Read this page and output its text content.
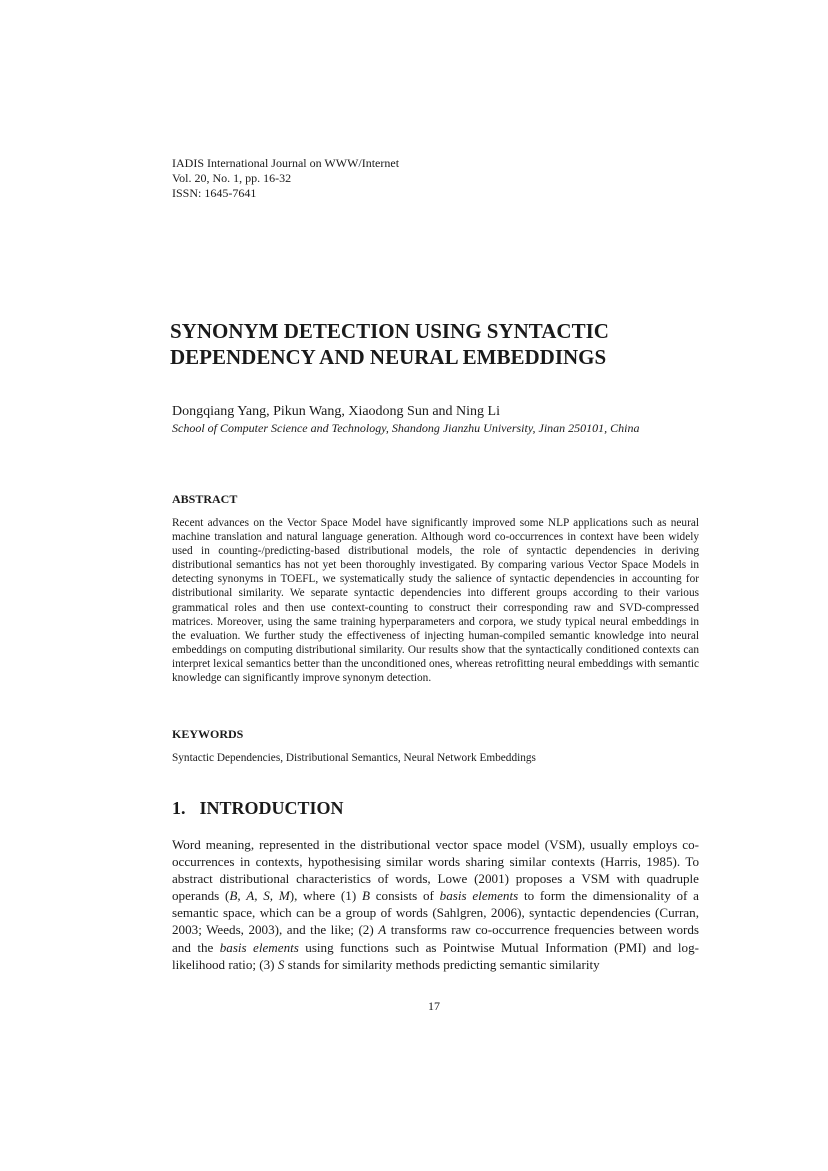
IADIS International Journal on WWW/Internet
Vol. 20, No. 1, pp. 16-32
ISSN: 1645-7641
SYNONYM DETECTION USING SYNTACTIC
DEPENDENCY AND NEURAL EMBEDDINGS
Dongqiang Yang, Pikun Wang, Xiaodong Sun and Ning Li
School of Computer Science and Technology, Shandong Jianzhu University, Jinan 250101, China
ABSTRACT

Recent advances on the Vector Space Model have significantly improved some NLP applications such as neural machine translation and natural language generation. Although word co-occurrences in context have been widely used in counting-/predicting-based distributional models, the role of syntactic dependencies in deriving distributional semantics has not yet been thoroughly investigated. By comparing various Vector Space Models in detecting synonyms in TOEFL, we systematically study the salience of syntactic dependencies in accounting for distributional similarity. We separate syntactic dependencies into different groups according to their various grammatical roles and then use context-counting to construct their corresponding raw and SVD-compressed matrices. Moreover, using the same training hyperparameters and corpora, we study typical neural embeddings in the evaluation. We further study the effectiveness of injecting human-compiled semantic knowledge into neural embeddings on computing distributional similarity. Our results show that the syntactically conditioned contexts can interpret lexical semantics better than the unconditioned ones, whereas retrofitting neural embeddings with semantic knowledge can significantly improve synonym detection.

KEYWORDS
Syntactic Dependencies, Distributional Semantics, Neural Network Embeddings
1. INTRODUCTION

Word meaning, represented in the distributional vector space model (VSM), usually employs co-occurrences in contexts, hypothesising similar words sharing similar contexts (Harris, 1985). To abstract distributional characteristics of words, Lowe (2001) proposes a VSM with quadruple operands (B, A, S, M), where (1) B consists of basis elements to form the dimensionality of a semantic space, which can be a group of words (Sahlgren, 2006), syntactic dependencies (Curran, 2003; Weeds, 2003), and the like; (2) A transforms raw co-occurrence frequencies between words and the basis elements using functions such as Pointwise Mutual Information (PMI) and log-likelihood ratio; (3) S stands for similarity methods predicting semantic similarity

17
